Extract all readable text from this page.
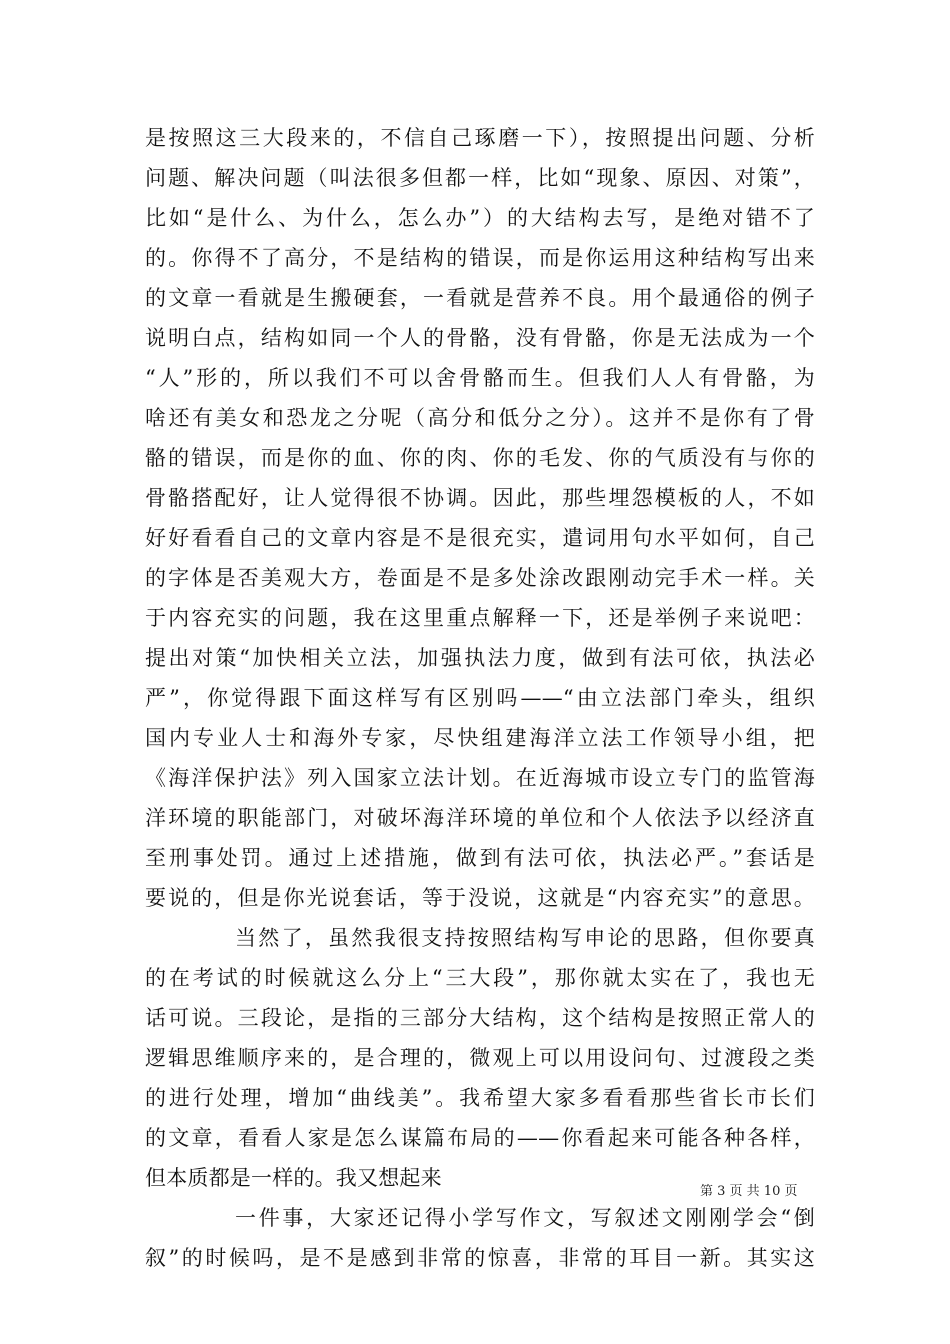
是按照这三大段来的，不信自己琢磨一下），按照提出问题、分析
问题、解决问题（叫法很多但都一样，比如“现象、原因、对策”，
比如“是什么、为什么，怎么办”）的大结构去写，是绝对错不了
的。你得不了高分，不是结构的错误，而是你运用这种结构写出来
的文章一看就是生搬硬套，一看就是营养不良。用个最通俗的例子
说明白点，结构如同一个人的骨骼，没有骨骼，你是无法成为一个
“人”形的，所以我们不可以舍骨骼而生。但我们人人有骨骼，为
啥还有美女和恐龙之分呢（高分和低分之分）。这并不是你有了骨
骼的错误，而是你的血、你的肉、你的毛发、你的气质没有与你的
骨骼搭配好，让人觉得很不协调。因此，那些埋怨模板的人，不如
好好看看自己的文章内容是不是很充实，遣词用句水平如何，自己
的字体是否美观大方，卷面是不是多处涂改跟刚动完手术一样。关
于内容充实的问题，我在这里重点解释一下，还是举例子来说吧：
提出对策“加快相关立法，加强执法力度，做到有法可依，执法必
严”，你觉得跟下面这样写有区别吗——“由立法部门牵头，组织
国内专业人士和海外专家，尽快组建海洋立法工作领导小组，把
《海洋保护法》列入国家立法计划。在近海城市设立专门的监管海
洋环境的职能部门，对破坏海洋环境的单位和个人依法予以经济直
至刑事处罚。通过上述措施，做到有法可依，执法必严。”套话是
要说的，但是你光说套话，等于没说，这就是“内容充实”的意思。
当然了，虽然我很支持按照结构写申论的思路，但你要真
的在考试的时候就这么分上“三大段”，那你就太实在了，我也无
话可说。三段论，是指的三部分大结构，这个结构是按照正常人的
逻辑思维顺序来的，是合理的，微观上可以用设问句、过渡段之类
的进行处理，增加“曲线美”。我希望大家多看看那些省长市长们
的文章，看看人家是怎么谋篇布局的——你看起来可能各种各样，
但本质都是一样的。我又想起来
一件事，大家还记得小学写作文，写叙述文刚刚学会“倒
叙”的时候吗，是不是感到非常的惊喜，非常的耳目一新。其实这
第 3 页 共 10 页
